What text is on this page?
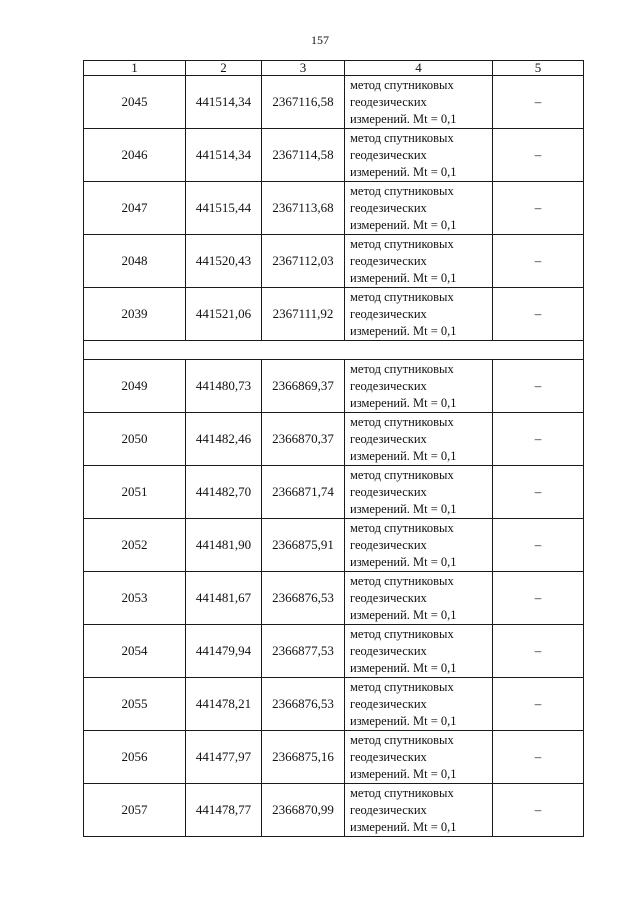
157
1	2	3	4	5
2045	441514,34	2367116,58	метод спутниковых
геодезических
измерений. Mt = 0,1	–
2046	441514,34	2367114,58	метод спутниковых
геодезических
измерений. Mt = 0,1	–
2047	441515,44	2367113,68	метод спутниковых
геодезических
измерений. Mt = 0,1	–
2048	441520,43	2367112,03	метод спутниковых
геодезических
измерений. Mt = 0,1	–
2039	441521,06	2367111,92	метод спутниковых
геодезических
измерений. Mt = 0,1	–

2049	441480,73	2366869,37	метод спутниковых
геодезических
измерений. Mt = 0,1	–
2050	441482,46	2366870,37	метод спутниковых
геодезических
измерений. Mt = 0,1	–
2051	441482,70	2366871,74	метод спутниковых
геодезических
измерений. Mt = 0,1	–
2052	441481,90	2366875,91	метод спутниковых
геодезических
измерений. Mt = 0,1	–
2053	441481,67	2366876,53	метод спутниковых
геодезических
измерений. Mt = 0,1	–
2054	441479,94	2366877,53	метод спутниковых
геодезических
измерений. Mt = 0,1	–
2055	441478,21	2366876,53	метод спутниковых
геодезических
измерений. Mt = 0,1	–
2056	441477,97	2366875,16	метод спутниковых
геодезических
измерений. Mt = 0,1	–
2057	441478,77	2366870,99	метод спутниковых
геодезических
измерений. Mt = 0,1	–
